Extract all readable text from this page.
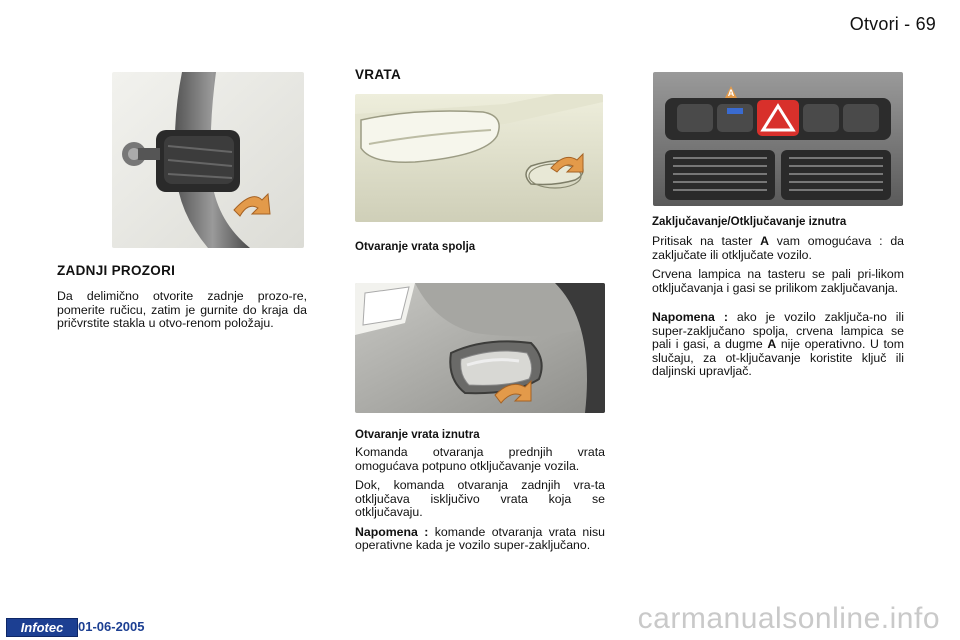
Otvori - 69
ZADNJI PROZORI

Da delimično otvorite zadnje prozo-re, pomerite ručicu, zatim je gurnite do kraja da pričvrstite stakla u otvo-renom položaju.

VRATA
Otvaranje vrata spolja
Otvaranje vrata iznutra

Komanda otvaranja prednjih vrata omogućava potpuno otključavanje vozila.

Dok, komanda otvaranja zadnjih vra-ta otključava isključivo vrata koja se otključavaju.

Napomena : komande otvaranja vrata nisu operativne kada je vozilo super-zaključano.

A
Zaključavanje/Otključavanje iznutra

Pritisak na taster A vam omogućava : da zaključate ili otključate vozilo.

Crvena lampica na tasteru se pali pri-likom otključavanja i gasi se prilikom zaključavanja.

Napomena : ako je vozilo zaključa-no ili super-zaključano spolja, crvena lampica se pali i gasi, a dugme A nije operativno. U tom slučaju, za ot-ključavanje koristite ključ ili daljinski upravljač.

Infotec	01-06-2005	carmanualsonline.info
